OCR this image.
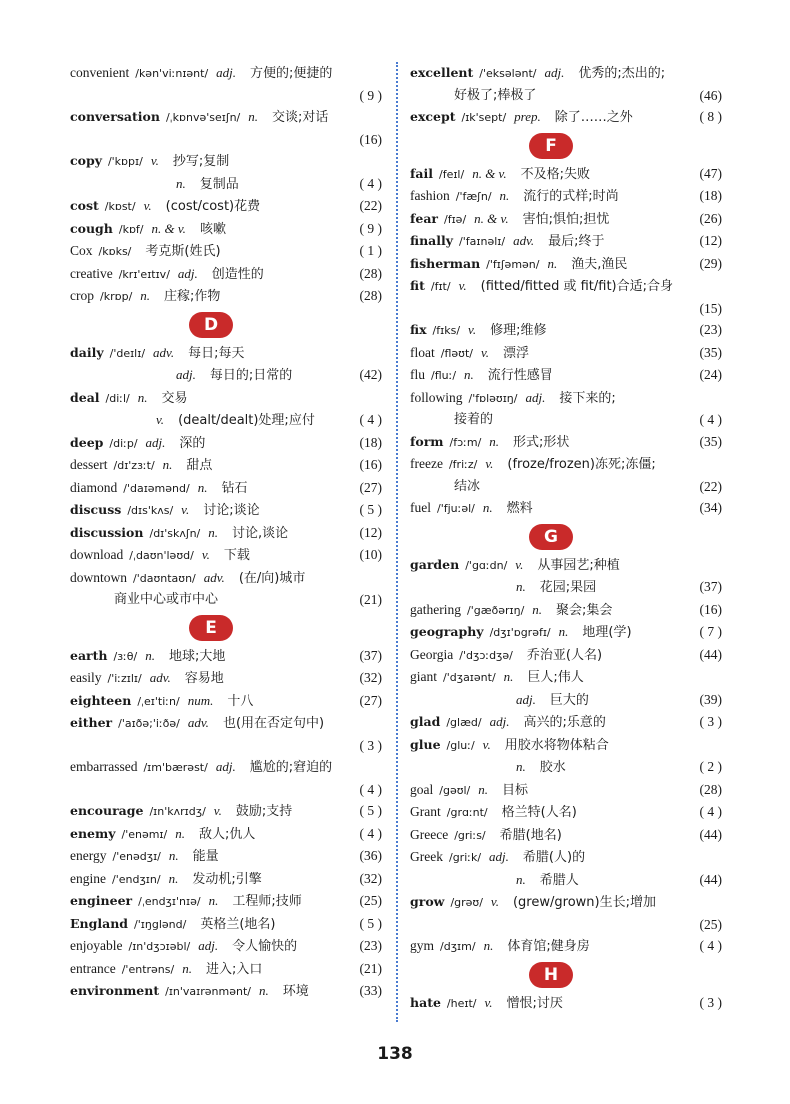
convenient /kən'viːnɪənt/ adj. 方便的;便捷的
( 9 )
conversation /ˌkɒnvə'seɪʃn/ n. 交谈;对话
(16)
copy /'kɒpɪ/ v. 抄写;复制
n. 复制品	( 4 )
cost /kɒst/ v. (cost/cost)花费	(22)
cough /kɒf/ n. & v. 咳嗽	( 9 )
Cox /kɒks/ 考克斯(姓氏)	( 1 )
creative /krɪ'eɪtɪv/ adj. 创造性的	(28)
crop /krɒp/ n. 庄稼;作物	(28)
D
daily /'deɪlɪ/ adv. 每日;每天
adj. 每日的;日常的	(42)
deal /diːl/ n. 交易
v. (dealt/dealt)处理;应付	( 4 )
deep /diːp/ adj. 深的	(18)
dessert /dɪ'zɜːt/ n. 甜点	(16)
diamond /'daɪəmənd/ n. 钻石	(27)
discuss /dɪs'kʌs/ v. 讨论;谈论	( 5 )
discussion /dɪ'skʌʃn/ n. 讨论,谈论	(12)
download /ˌdaʊn'ləʊd/ v. 下载	(10)
downtown /'daʊntaʊn/ adv. (在/向)城市
商业中心或市中心	(21)
E
earth /ɜːθ/ n. 地球;大地	(37)
easily /'iːzɪlɪ/ adv. 容易地	(32)
eighteen /ˌeɪ'tiːn/ num. 十八	(27)
either /'aɪðə;'iːðə/ adv. 也(用在否定句中)
( 3 )
embarrassed /ɪm'bærəst/ adj. 尴尬的;窘迫的
( 4 )
encourage /ɪn'kʌrɪdʒ/ v. 鼓励;支持	( 5 )
enemy /'enəmɪ/ n. 敌人;仇人	( 4 )
energy /'enədʒɪ/ n. 能量	(36)
engine /'endʒɪn/ n. 发动机;引擎	(32)
engineer /ˌendʒɪ'nɪə/ n. 工程师;技师	(25)
England /'ɪŋglənd/ 英格兰(地名)	( 5 )
enjoyable /ɪn'dʒɔɪəbl/ adj. 令人愉快的	(23)
entrance /'entrəns/ n. 进入;入口	(21)
environment /ɪn'vaɪrənmənt/ n. 环境	(33)
excellent /'eksələnt/ adj. 优秀的;杰出的;
好极了;棒极了	(46)
except /ɪk'sept/ prep. 除了……之外	( 8 )
F
fail /feɪl/ n. & v. 不及格;失败	(47)
fashion /'fæʃn/ n. 流行的式样;时尚	(18)
fear /fɪə/ n. & v. 害怕;惧怕;担忧	(26)
finally /'faɪnəlɪ/ adv. 最后;终于	(12)
fisherman /'fɪʃəmən/ n. 渔夫,渔民	(29)
fit /fɪt/ v. (fitted/fitted 或 fit/fit)合适;合身
(15)
fix /fɪks/ v. 修理;维修	(23)
float /fləʊt/ v. 漂浮	(35)
flu /fluː/ n. 流行性感冒	(24)
following /'fɒləʊɪŋ/ adj. 接下来的;
接着的	( 4 )
form /fɔːm/ n. 形式;形状	(35)
freeze /friːz/ v. (froze/frozen)冻死;冻僵;
结冰	(22)
fuel /'fjuːəl/ n. 燃料	(34)
G
garden /'gɑːdn/ v. 从事园艺;种植
n. 花园;果园	(37)
gathering /'gæðərɪŋ/ n. 聚会;集会	(16)
geography /dʒɪ'ɒgrəfɪ/ n. 地理(学)	( 7 )
Georgia /'dʒɔːdʒə/ 乔治亚(人名)	(44)
giant /'dʒaɪənt/ n. 巨人;伟人
adj. 巨大的	(39)
glad /glæd/ adj. 高兴的;乐意的	( 3 )
glue /gluː/ v. 用胶水将物体粘合
n. 胶水	( 2 )
goal /gəʊl/ n. 目标	(28)
Grant /grɑːnt/ 格兰特(人名)	( 4 )
Greece /griːs/ 希腊(地名)	(44)
Greek /griːk/ adj. 希腊(人)的
n. 希腊人	(44)
grow /grəʊ/ v. (grew/grown)生长;增加
(25)
gym /dʒɪm/ n. 体育馆;健身房	( 4 )
H
hate /heɪt/ v. 憎恨;讨厌	( 3 )
138
